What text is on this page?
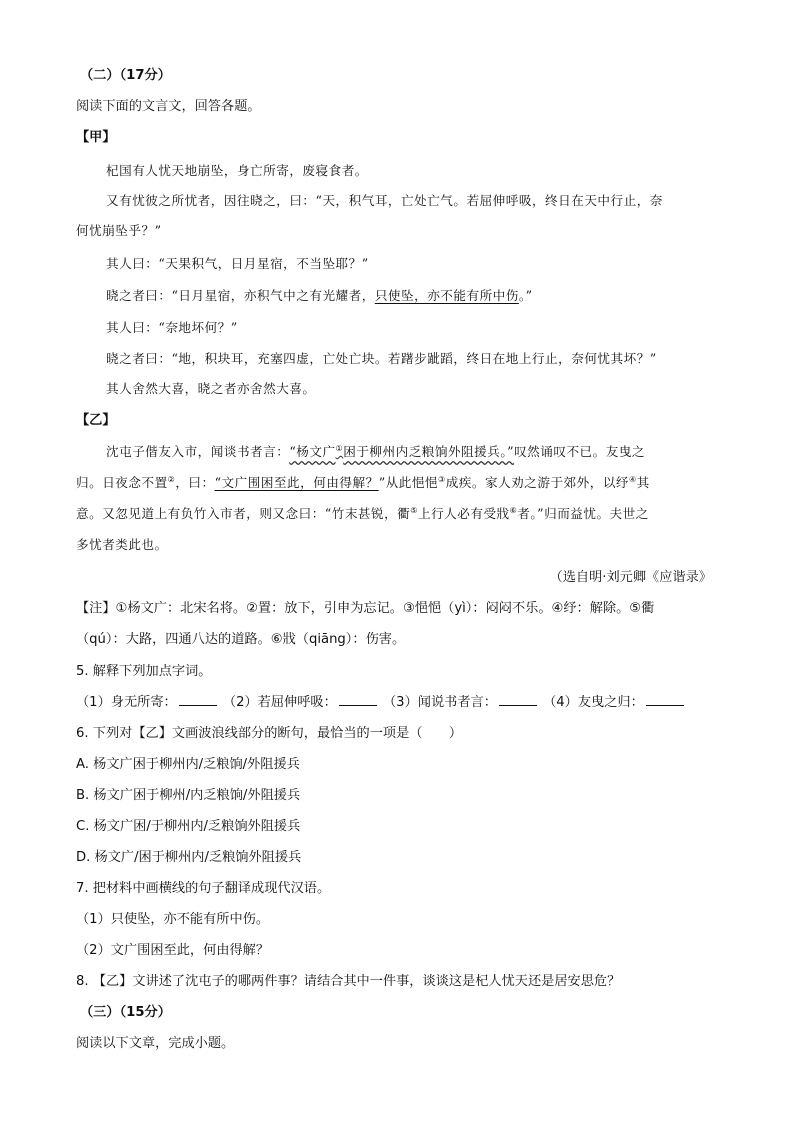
（二）（17分）
阅读下面的文言文，回答各题。
【甲】
杞国有人忧天地崩坠，身亡所寄，废寝食者。
又有忧彼之所忧者，因往晓之，曰：“天，积气耳，亡处亡气。若屈伸呼吸，终日在天中行止，奈
何忧崩坠乎？”
其人曰：“天果积气，日月星宿，不当坠耶？”
晓之者曰：“日月星宿，亦积气中之有光耀者，只使坠，亦不能有所中伤。”
其人曰：“奈地坏何？”
晓之者曰：“地，积块耳，充塞四虚，亡处亡块。若躇步跐蹈，终日在地上行止，奈何忧其坏？”
其人舍然大喜，晓之者亦舍然大喜。
【乙】
沈屯子偕友入市，闻谈书者言：“杨文广①困于柳州内乏粮饷外阻援兵。”叹然诵叹不已。友曳之
归。日夜念不置②，曰：“文广围困至此，何由得解？”从此悒悒③成疾。家人劝之游于郊外，以纾④其
意。又忽见道上有负竹入市者，则又念曰：“竹末甚锐，衢⑤上行人必有受戕⑥者。”归而益忧。夫世之
多忧者类此也。
（选自明·刘元卿《应谐录》
【注】①杨文广：北宋名将。②置：放下，引申为忘记。③悒悒（yì）：闷闷不乐。④纾：解除。⑤衢
（qú）：大路，四通八达的道路。⑥戕（qiāng）：伤害。
5. 解释下列加点字词。
（1）身无所寄：	（2）若屈伸呼吸：	（3）闻说书者言：	（4）友曳之归：
6. 下列对【乙】文画波浪线部分的断句，最恰当的一项是（　　）
A. 杨文广困于柳州内/乏粮饷/外阻援兵
B. 杨文广困于柳州/内乏粮饷/外阻援兵
C. 杨文广困/于柳州内/乏粮饷外阻援兵
D. 杨文广/困于柳州内/乏粮饷外阻援兵
7. 把材料中画横线的句子翻译成现代汉语。
（1）只使坠，亦不能有所中伤。
（2）文广围困至此，何由得解？
8. 【乙】文讲述了沈屯子的哪两件事？请结合其中一件事，谈谈这是杞人忧天还是居安思危？
（三）（15分）
阅读以下文章，完成小题。
